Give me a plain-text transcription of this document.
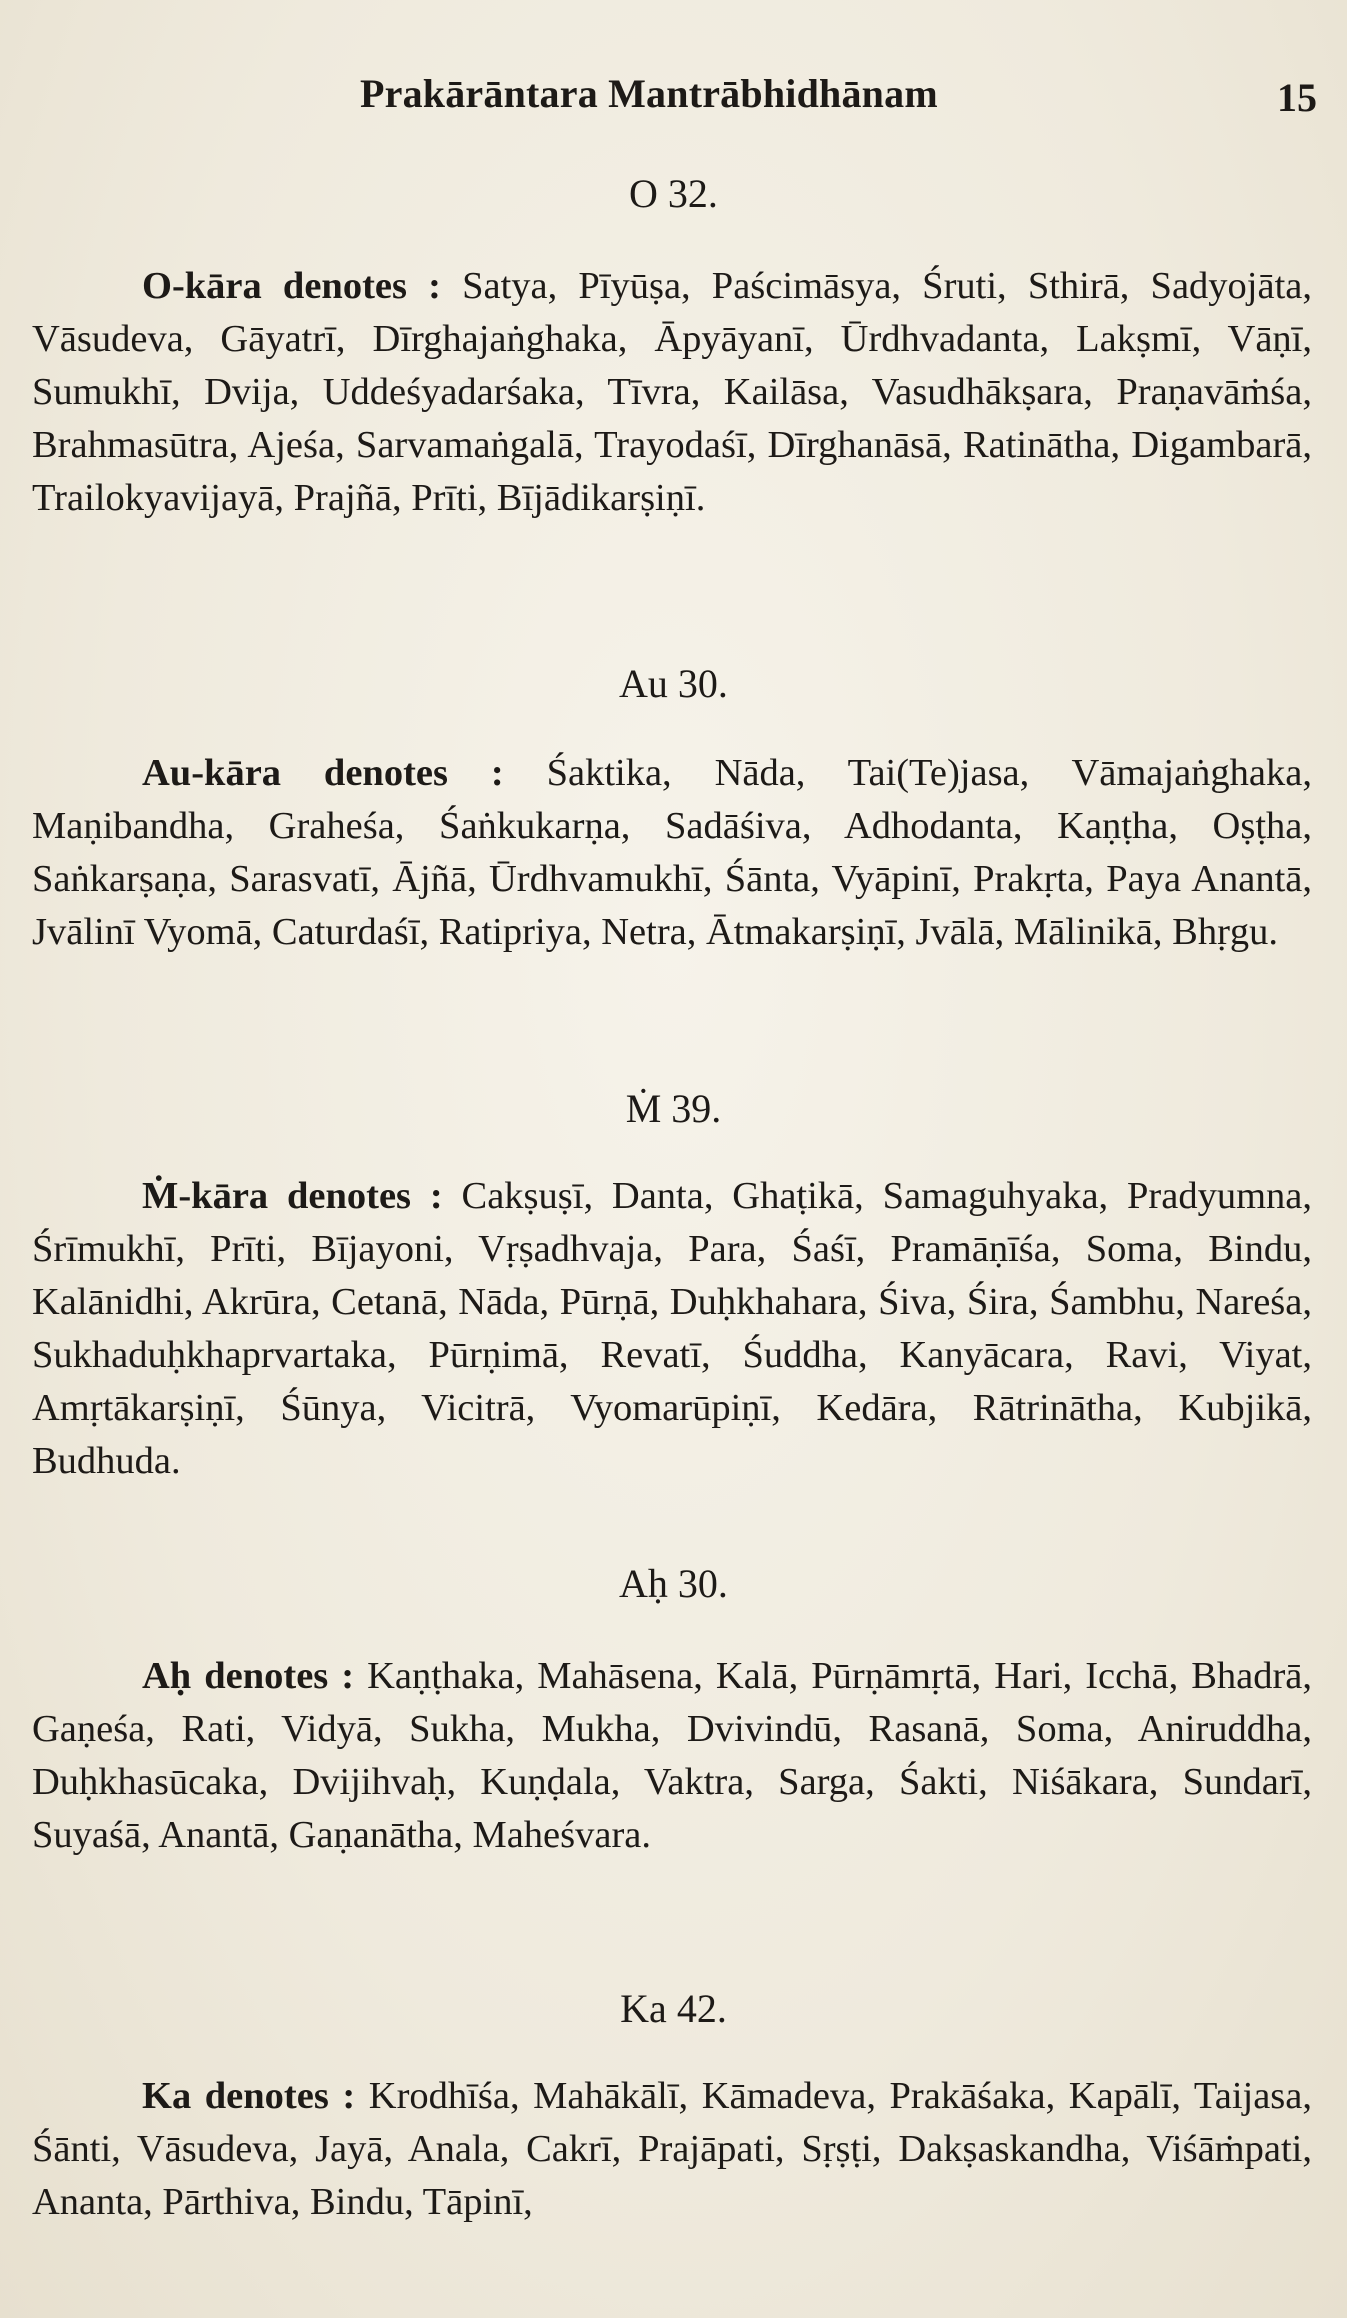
Prakārāntara Mantrābhidhānam	15
O 32.

O-kāra denotes : Satya, Pīyūṣa, Paścimāsya, Śruti, Sthirā, Sadyojāta, Vāsudeva, Gāyatrī, Dīrghajaṅghaka, Āpyāyanī, Ūrdhvadanta, Lakṣmī, Vāṇī, Sumukhī, Dvija, Uddeśyadarśaka, Tīvra, Kailāsa, Vasudhākṣara, Praṇavāṁśa, Brahmasūtra, Ajeśa, Sarvamaṅgalā, Trayodaśī, Dīrghanāsā, Ratinātha, Digambarā, Trailokyavijayā, Prajñā, Prīti, Bījādikarṣiṇī.

Au 30.

Au-kāra denotes : Śaktika, Nāda, Tai(Te)jasa, Vāmajaṅghaka, Maṇibandha, Graheśa, Śaṅkukarṇa, Sadāśiva, Adhodanta, Kaṇṭha, Oṣṭha, Saṅkarṣaṇa, Sarasvatī, Ājñā, Ūrdhvamukhī, Śānta, Vyāpinī, Prakṛta, Paya Anantā, Jvālinī Vyomā, Caturdaśī, Ratipriya, Netra, Ātmakarṣiṇī, Jvālā, Mālinikā, Bhṛgu.

Ṁ 39.

Ṁ-kāra denotes : Cakṣuṣī, Danta, Ghaṭikā, Samaguhyaka, Pradyumna, Śrīmukhī, Prīti, Bījayoni, Vṛṣadhvaja, Para, Śaśī, Pramāṇīśa, Soma, Bindu, Kalānidhi, Akrūra, Cetanā, Nāda, Pūrṇā, Duḥkhahara, Śiva, Śira, Śambhu, Nareśa, Sukhaduḥkhaprvartaka, Pūrṇimā, Revatī, Śuddha, Kanyācara, Ravi, Viyat, Amṛtākarṣiṇī, Śūnya, Vicitrā, Vyomarūpiṇī, Kedāra, Rātrinātha, Kubjikā, Budhuda.

Aḥ 30.

Aḥ denotes : Kaṇṭhaka, Mahāsena, Kalā, Pūrṇāmṛtā, Hari, Icchā, Bhadrā, Gaṇeśa, Rati, Vidyā, Sukha, Mukha, Dvivindū, Rasanā, Soma, Aniruddha, Duḥkhasūcaka, Dvijihvaḥ, Kuṇḍala, Vaktra, Sarga, Śakti, Niśākara, Sundarī, Suyaśā, Anantā, Gaṇanātha, Maheśvara.

Ka 42.

Ka denotes : Krodhīśa, Mahākālī, Kāmadeva, Prakāśaka, Kapālī, Taijasa, Śānti, Vāsudeva, Jayā, Anala, Cakrī, Prajāpati, Sṛṣṭi, Dakṣaskandha, Viśāṁpati, Ananta, Pārthiva, Bindu, Tāpinī,
